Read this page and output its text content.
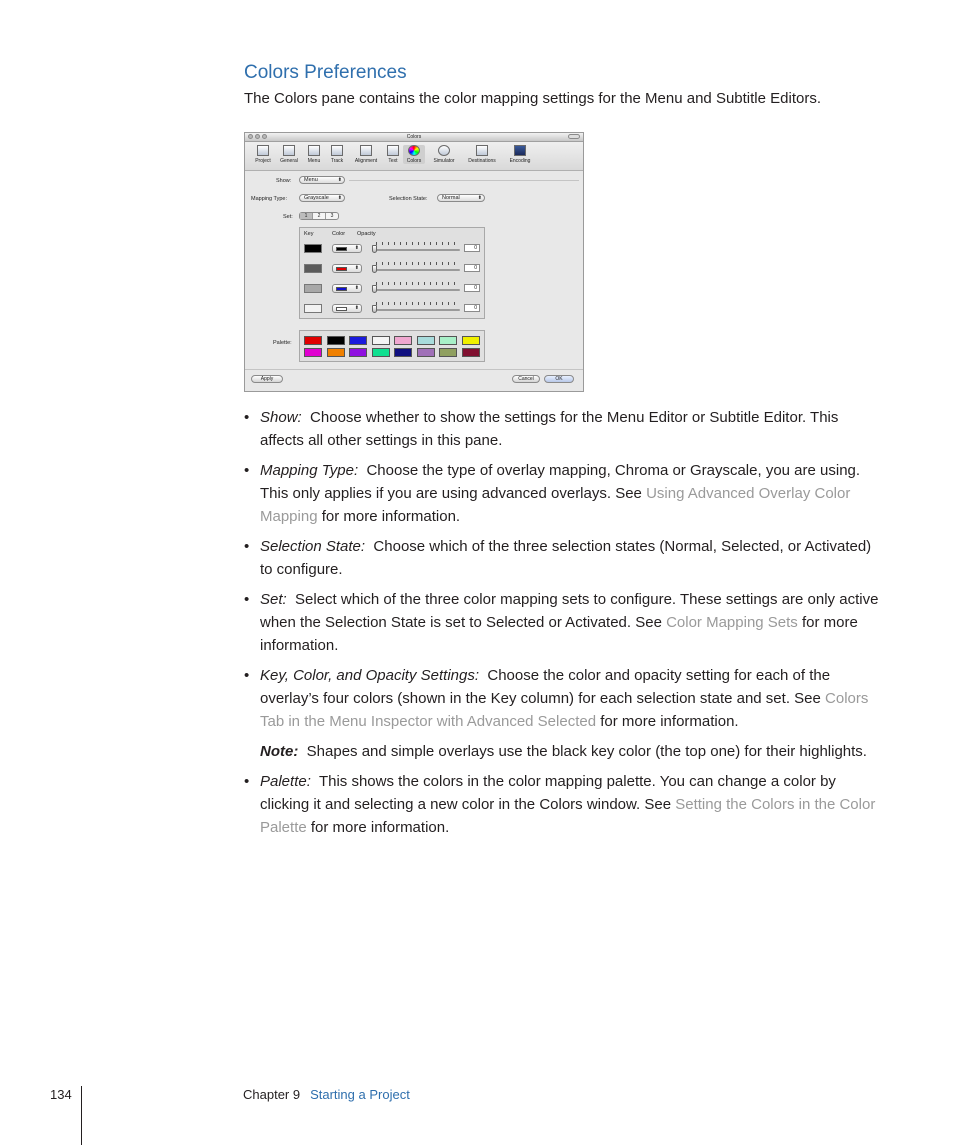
Colors Preferences
The Colors pane contains the color mapping settings for the Menu and Subtitle Editors.
Colors
Project	General	Menu	Track	Alignment	Text	Colors	Simulator	Destinations	Encoding
Show:	Menu ⬍
Mapping Type:	Grayscale ⬍	Selection State:	Normal ⬍
Set:	1	2	3
Key	Color Opacity
⬍	0
⬍	0
⬍	0
⬍	0
Palette:
Apply	Cancel	OK
• Show: Choose whether to show the settings for the Menu Editor or Subtitle Editor. This affects all other settings in this pane.
• Mapping Type: Choose the type of overlay mapping, Chroma or Grayscale, you are using. This only applies if you are using advanced overlays. See Using Advanced Overlay Color Mapping for more information.
• Selection State: Choose which of the three selection states (Normal, Selected, or Activated) to configure.
• Set: Select which of the three color mapping sets to configure. These settings are only active when the Selection State is set to Selected or Activated. See Color Mapping Sets for more information.
• Key, Color, and Opacity Settings: Choose the color and opacity setting for each of the overlay’s four colors (shown in the Key column) for each selection state and set. See Colors Tab in the Menu Inspector with Advanced Selected for more information.
Note: Shapes and simple overlays use the black key color (the top one) for their highlights.
• Palette: This shows the colors in the color mapping palette. You can change a color by clicking it and selecting a new color in the Colors window. See Setting the Colors in the Color Palette for more information.
134	Chapter 9 Starting a Project
